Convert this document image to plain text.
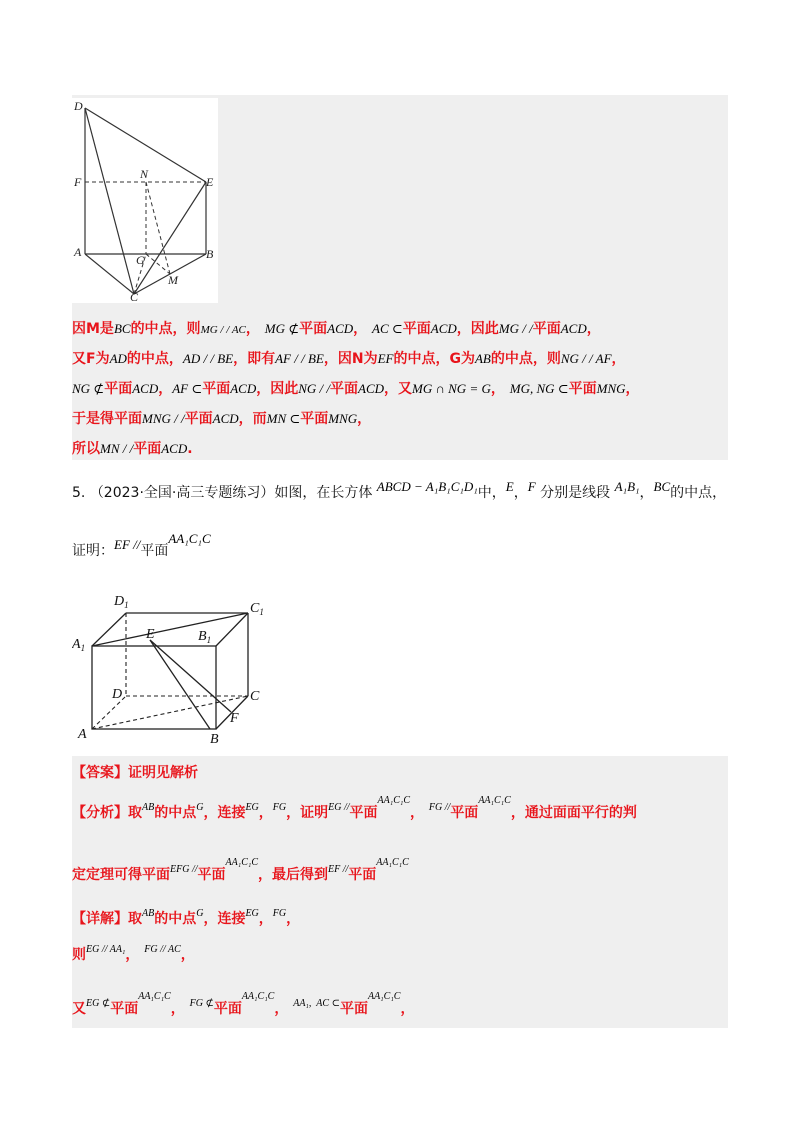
D
F
N
E
A	B
G
M
C
因M是BC的中点，则MG / / AC， MG ⊄平面ACD， AC ⊂平面ACD，因此MG / /平面ACD，
又F为AD的中点，AD / / BE，即有AF / / BE，因N为EF的中点，G为AB的中点，则NG / / AF，
NG ⊄平面ACD，AF ⊂平面ACD，因此NG / /平面ACD，又MG ∩ NG = G， MG, NG ⊂平面MNG，
于是得平面MNG / /平面ACD，而MN ⊂平面MNG，
所以MN / /平面ACD.
5. （2023·全国·高三专题练习）如图，在长方体 ABCD − A₁B₁C₁D₁中，E，F 分别是线段 A₁B₁，BC的中点，
证明：EF //平面AA₁C₁C
$D_1$	$C_1$
$A_1$
E	$B_1$
D	C
F
A	B
【答案】证明见解析
【分析】取$^{AB}$的中点$^G$，连接$^{EG}$，$^{FG}$，证明$^{EG //}$平面$^{AA_1C_1C}$， $^{FG //}$平面$^{AA_1C_1C}$，通过面面平行的判
定定理可得平面$^{EFG //}$平面$^{AA_1C_1C}$，最后得到$^{EF //}$平面$^{AA_1C_1C}$
【详解】取$^{AB}$的中点$^G$，连接$^{EG}$，$^{FG}$，
则$^{EG // AA_1}$， $^{FG // AC}$，
又$^{EG ⊄}$平面$^{AA_1C_1C}$， $^{FG ⊄}$平面$^{AA_1C_1C}$， $^{AA_1,}$ $^{AC \subset}$平面$^{AA_1C_1C}$，
